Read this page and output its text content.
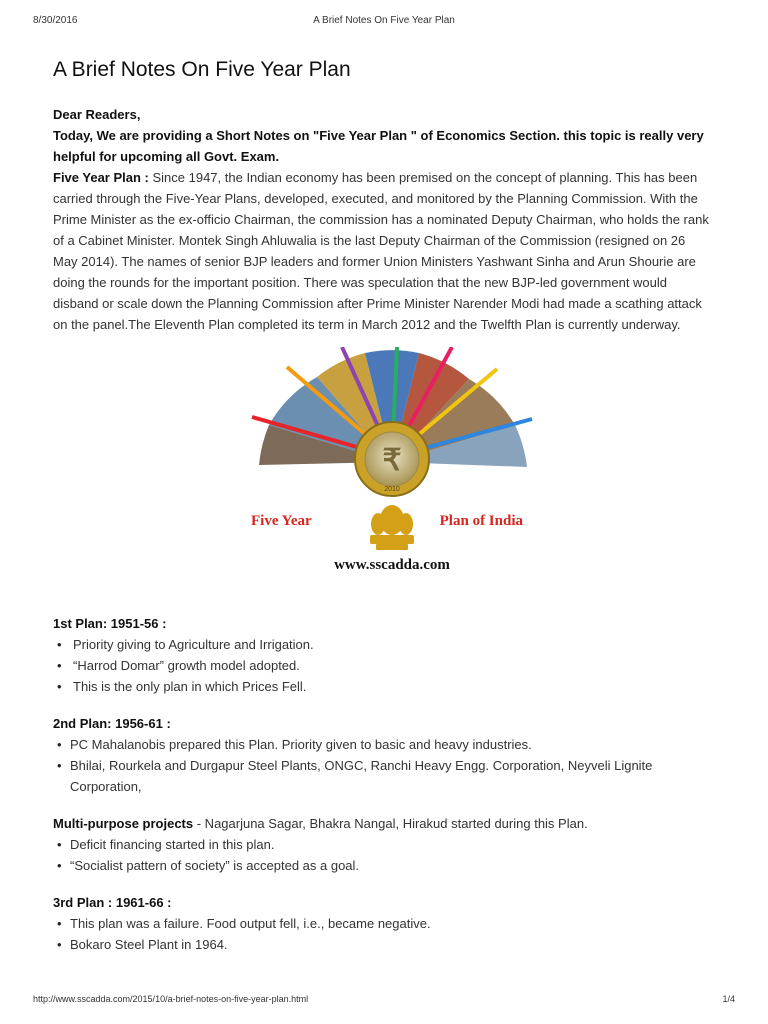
8/30/2016	A Brief Notes On Five Year Plan
A Brief Notes On Five Year Plan

Dear Readers,

Today, We are providing a Short Notes on "Five Year Plan " of Economics Section. this topic is really very helpful for upcoming all Govt. Exam.

Five Year Plan : Since 1947, the Indian economy has been premised on the concept of planning. This has been carried through the Five-Year Plans, developed, executed, and monitored by the Planning Commission. With the Prime Minister as the ex-officio Chairman, the commission has a nominated Deputy Chairman, who holds the rank of a Cabinet Minister. Montek Singh Ahluwalia is the last Deputy Chairman of the Commission (resigned on 26 May 2014). The names of senior BJP leaders and former Union Ministers Yashwant Sinha and Arun Shourie are doing the rounds for the important position. There was speculation that the new BJP-led government would disband or scale down the Planning Commission after Prime Minister Narender Modi had made a scathing attack on the panel.The Eleventh Plan completed its term in March 2012 and the Twelfth Plan is currently underway.

₹
2010
Five Year	Plan of India
www.sscadda.com

1st Plan: 1951-56 :

• Priority giving to Agriculture and Irrigation.
• “Harrod Domar” growth model adopted.
• This is the only plan in which Prices Fell.

2nd Plan: 1956-61 :

• PC Mahalanobis prepared this Plan. Priority given to basic and heavy industries.
• Bhilai, Rourkela and Durgapur Steel Plants, ONGC, Ranchi Heavy Engg. Corporation, Neyveli Lignite Corporation,

Multi-purpose projects - Nagarjuna Sagar, Bhakra Nangal, Hirakud started during this Plan.

• Deficit financing started in this plan.
• “Socialist pattern of society” is accepted as a goal.

3rd Plan : 1961-66 :

• This plan was a failure. Food output fell, i.e., became negative.
• Bokaro Steel Plant in 1964.
http://www.sscadda.com/2015/10/a-brief-notes-on-five-year-plan.html	1/4
